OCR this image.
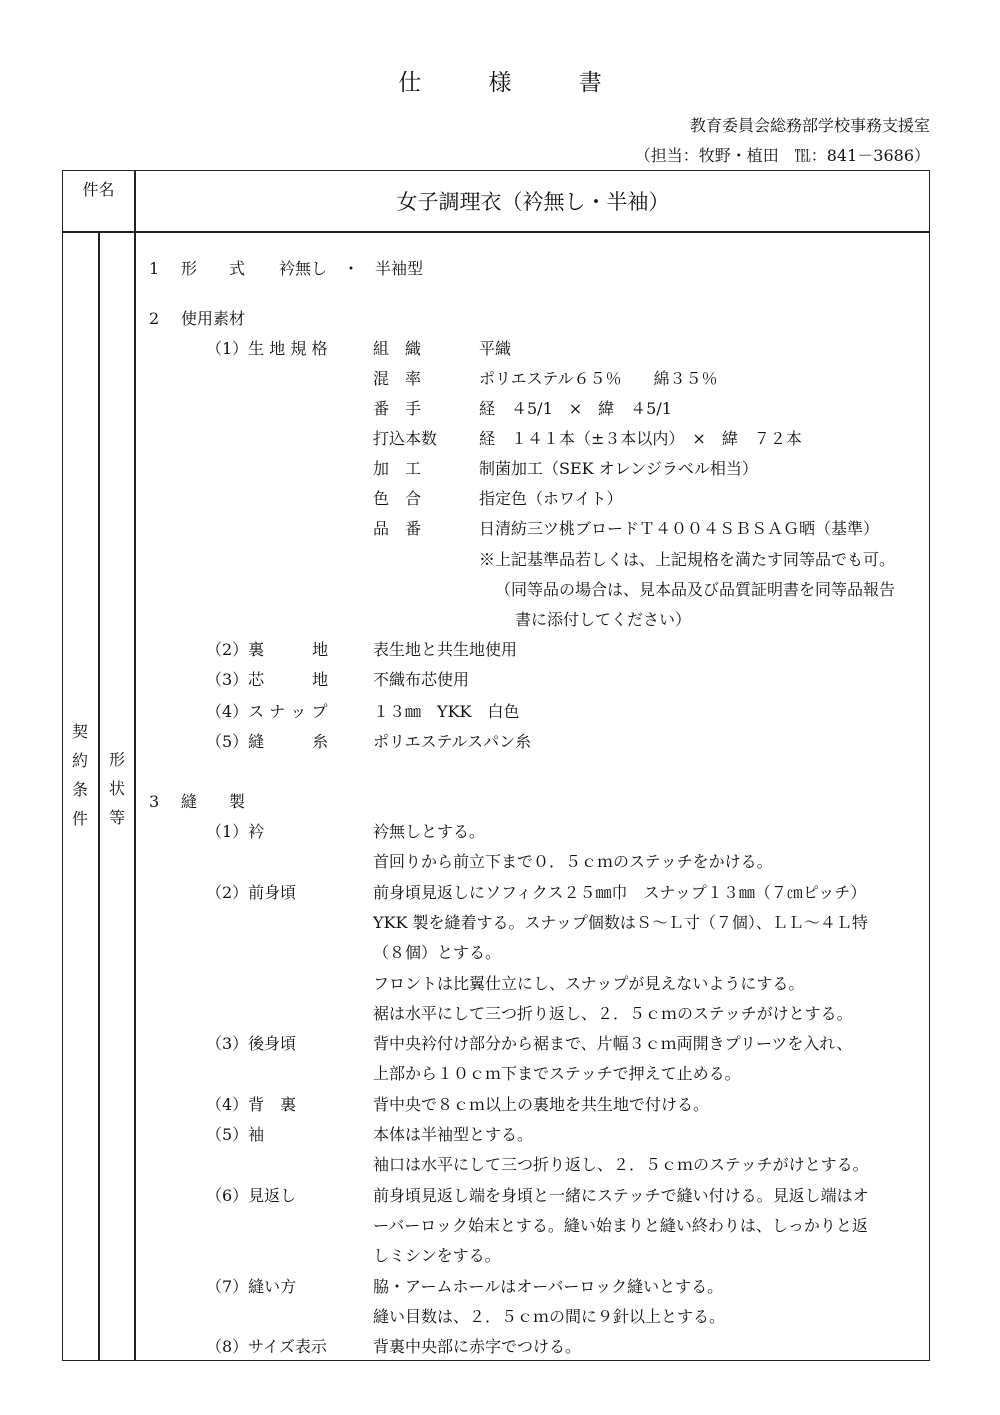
仕 様 書
教育委員会総務部学校事務支援室
（担当：牧野・植田　℡：841－3686）
件名
女子調理衣（衿無し・半袖）
契
約
条
件
形
状
等
1 形　　式 衿無し　・　半袖型
2 使用素材
（1）生 地 規 格	組　織	平織
混　率	ポリエステル６５％　　綿３５％
番　手	経　４5/1　×　緯　４5/1
打込本数	経　１４１本（±３本以内）　×　緯　７２本
加　工	制菌加工（SEK オレンジラベル相当）
色　合	指定色（ホワイト）
品　番	日清紡三ツ桃ブロードＴ４００４ＳＢＳＡＧ晒（基準）
※上記基準品若しくは、上記規格を満たす同等品でも可。
（同等品の場合は、見本品及び品質証明書を同等品報告
書に添付してください）
（2）裏　　　地	表生地と共生地使用
（3）芯　　　地	不織布芯使用
（4）ス ナ ッ プ	１３㎜　YKK　白色
（5）縫　　　糸	ポリエステルスパン糸
3 縫　　製
（1）衿	衿無しとする。
首回りから前立下まで０．５ｃｍのステッチをかける。
（2）前身頃	前身頃見返しにソフィクス２５㎜巾　スナップ１３㎜（７㎝ピッチ）
YKK 製を縫着する。スナップ個数はＳ～Ｌ寸（７個）、ＬＬ～４Ｌ特
（８個）とする。
フロントは比翼仕立にし、スナップが見えないようにする。
裾は水平にして三つ折り返し、２．５ｃｍのステッチがけとする。
（3）後身頃	背中央衿付け部分から裾まで、片幅３ｃｍ両開きプリーツを入れ、
上部から１０ｃｍ下までステッチで押えて止める。
（4）背　裏	背中央で８ｃｍ以上の裏地を共生地で付ける。
（5）袖	本体は半袖型とする。
袖口は水平にして三つ折り返し、２．５ｃｍのステッチがけとする。
（6）見返し	前身頃見返し端を身頃と一緒にステッチで縫い付ける。見返し端はオ
ーバーロック始末とする。縫い始まりと縫い終わりは、しっかりと返
しミシンをする。
（7）縫い方	脇・アームホールはオーバーロック縫いとする。
縫い目数は、２．５ｃｍの間に９針以上とする。
（8）サイズ表示	背裏中央部に赤字でつける。
